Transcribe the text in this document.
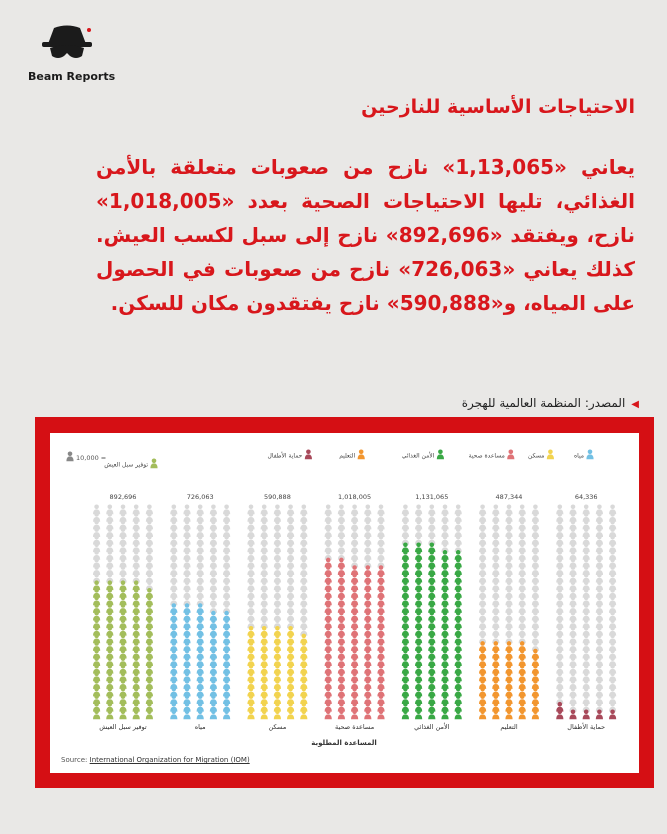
Beam Reports
الاحتياجات الأساسية للنازحين

يعاني «1,13,065» نازح من صعوبات متعلقة بالأمن الغذائي، تليها الاحتياجات الصحية بعدد «1,018,005» نازح، ويفتقد «892,696» نازح إلى سبل لكسب العيش. كذلك يعاني «726,063» نازح من صعوبات في الحصول على المياه، و«590,888» نازح يفتقدون مكان للسكن.

◀المصدر: المنظمة العالمية للهجرة
10,000 =	مياه
مسكن
مساعدة صحية
الأمن الغذائي
التعليم
حماية الأطفال
توفير سبل العيش
892,696
توفير سبل العيش
726,063
مياه
590,888
مسكن
1,018,005
مساعدة صحية
1,131,065
الأمن الغذائي
487,344
التعليم
64,336
حماية الأطفال
المساعدة المطلوبة
Source: International Organization for Migration (IOM)
